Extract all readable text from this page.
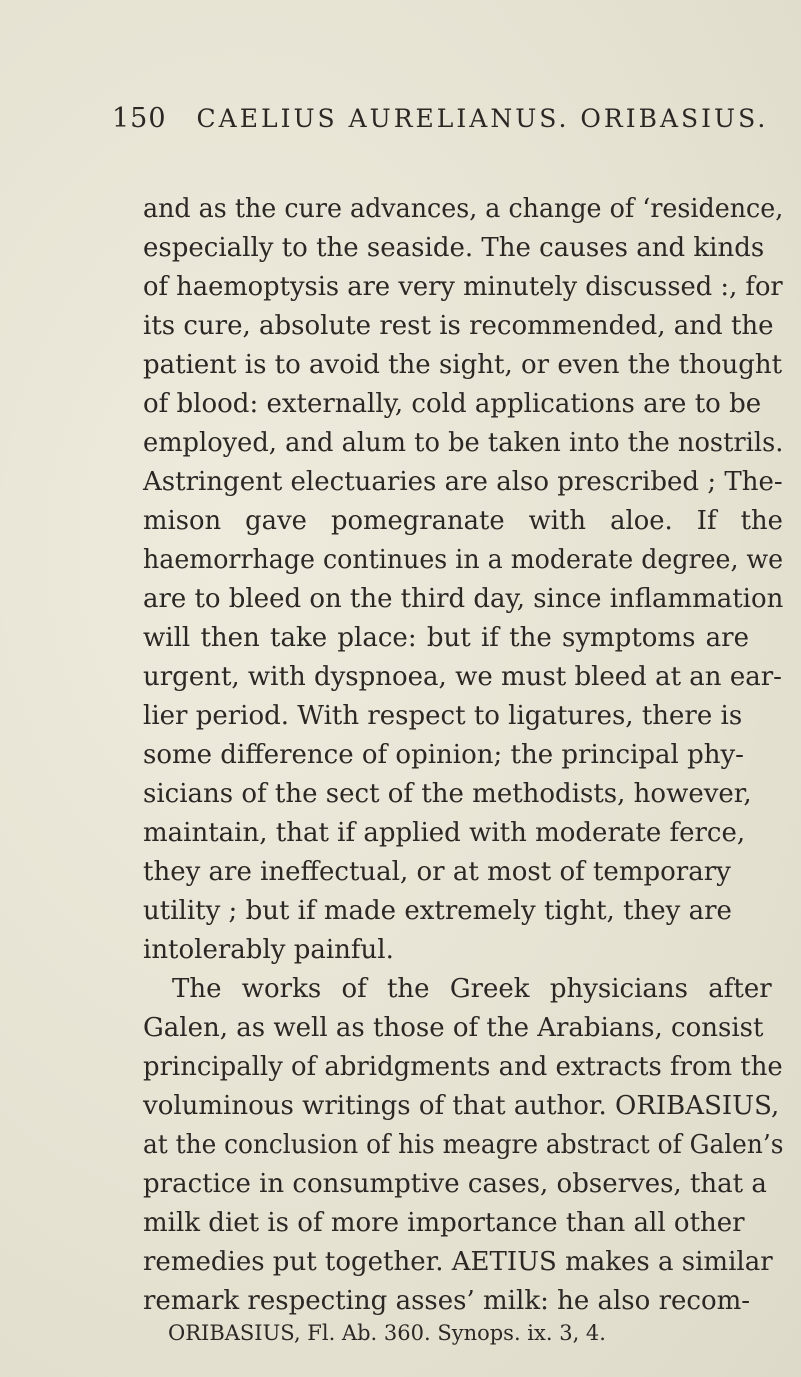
150 CAELIUS AURELIANUS. ORIBASIUS.
and as the cure advances, a change of ‘residence,
especially to the seaside. The causes and kinds
of haemoptysis are very minutely discussed :, for
its cure, absolute rest is recommended, and the
patient is to avoid the sight, or even the thought
of blood: externally, cold applications are to be
employed, and alum to be taken into the nostrils.
Astringent electuaries are also prescribed ; The-
mison gave pomegranate with aloe. If the
haemorrhage continues in a moderate degree, we
are to bleed on the third day, since inflammation
will then take place: but if the symptoms are
urgent, with dyspnoea, we must bleed at an ear-
lier period. With respect to ligatures, there is
some difference of opinion; the principal phy-
sicians of the sect of the methodists, however,
maintain, that if applied with moderate ferce,
they are ineffectual, or at most of temporary
utility ; but if made extremely tight, they are
intolerably painful.
The works of the Greek physicians after
Galen, as well as those of the Arabians, consist
principally of abridgments and extracts from the
voluminous writings of that author. ORIBASIUS,
at the conclusion of his meagre abstract of Galen’s
practice in consumptive cases, observes, that a
milk diet is of more importance than all other
remedies put together. AETIUS makes a similar
remark respecting asses’ milk: he also recom-
ORIBASIUS, Fl. Ab. 360. Synops. ix. 3, 4.
